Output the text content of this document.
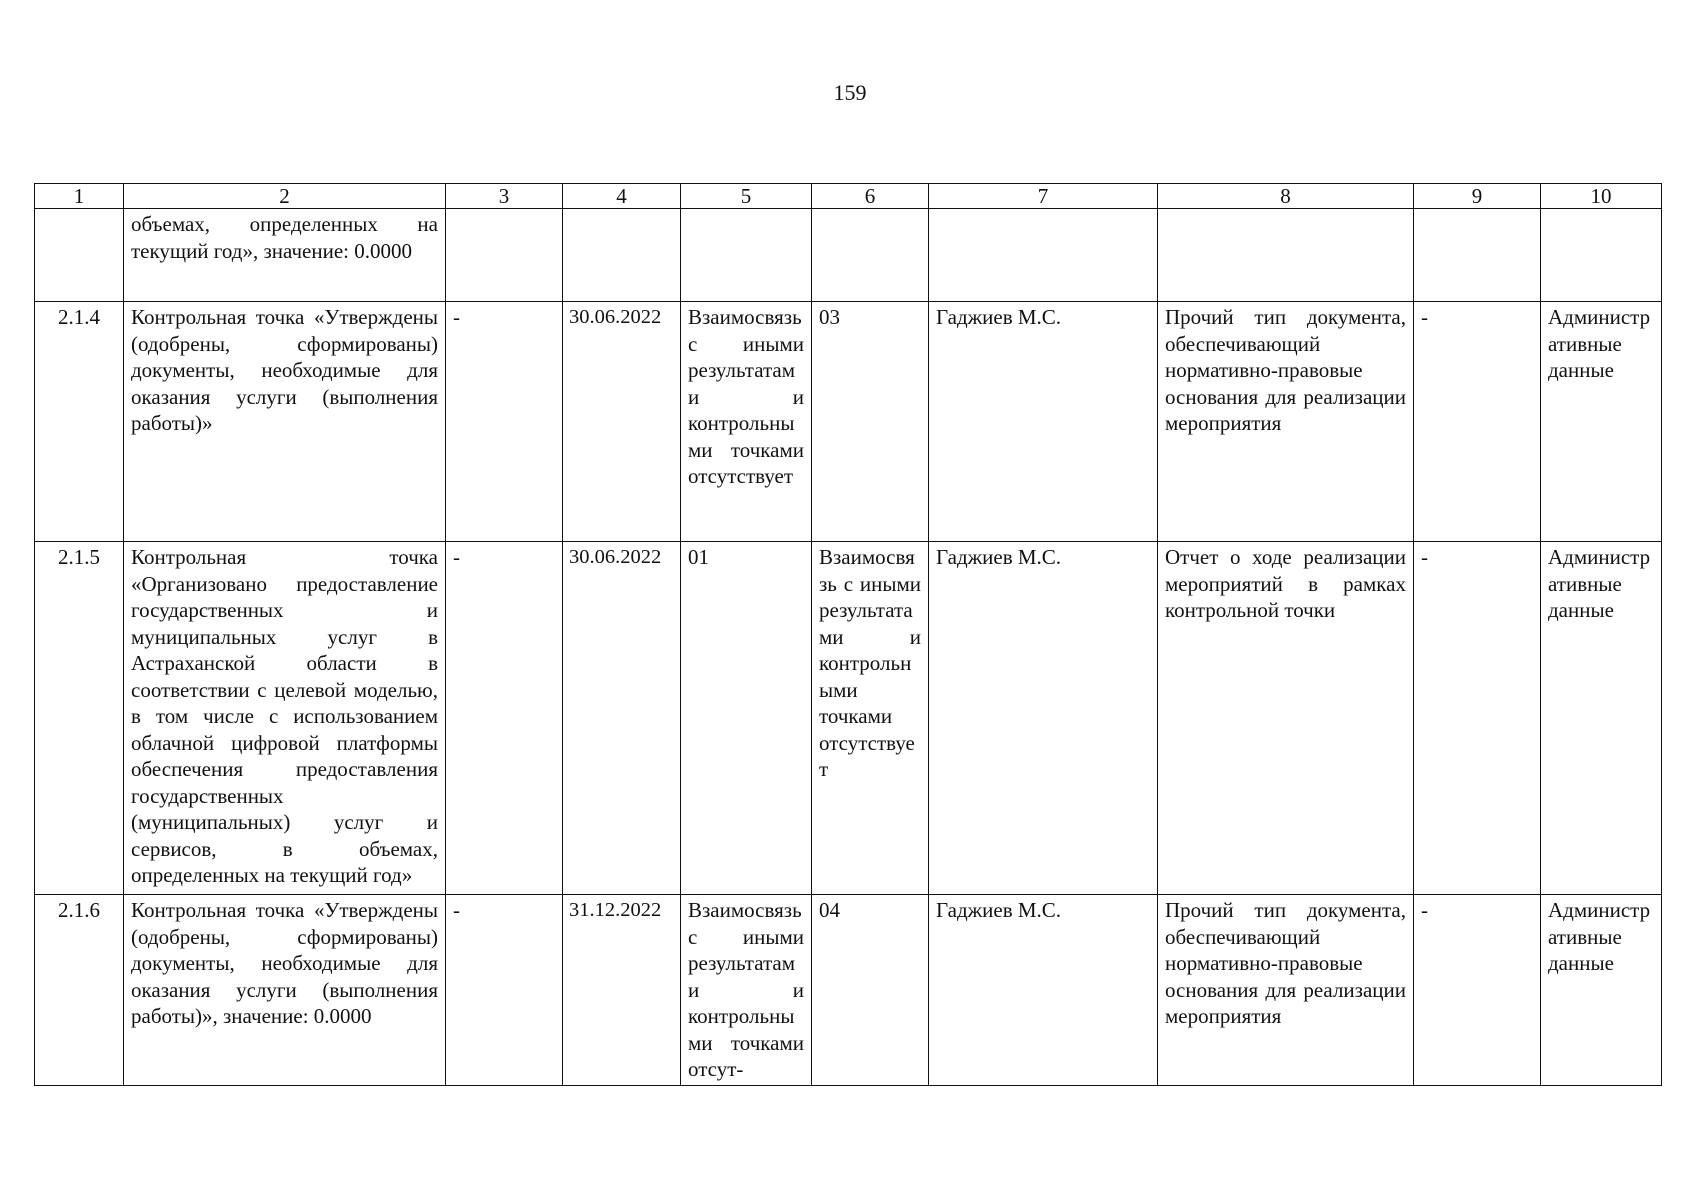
159
1	2	3	4	5	6	7	8	9	10
	объемах, определенных на текущий год», значение: 0.0000								
2.1.4	Контрольная точка «Утверждены (одобрены, сформированы) документы, необходимые для оказания услуги (выполнения работы)»	-	30.06.2022	Взаимосвязь с иными результатами и контрольными точками отсутствует	03	Гаджиев М.С.	Прочий тип документа, обеспечивающий нормативно-правовые основания для реализации мероприятия	-	Административные данные
2.1.5	Контрольная точка «Организовано предоставление государственных и муниципальных услуг в Астраханской области в соответствии с целевой моделью, в том числе с использованием облачной цифровой платформы обеспечения предоставления государственных (муниципальных) услуг и сервисов, в объемах, определенных на текущий год»	-	30.06.2022	01	Взаимосвязь с иными результатами и контрольными точками отсутствует	Гаджиев М.С.	Отчет о ходе реализации мероприятий в рамках контрольной точки	-	Административные данные
2.1.6	Контрольная точка «Утверждены (одобрены, сформированы) документы, необходимые для оказания услуги (выполнения работы)», значение: 0.0000	-	31.12.2022	Взаимосвязь с иными результатами и контрольными точками отсут-	04	Гаджиев М.С.	Прочий тип документа, обеспечивающий нормативно-правовые основания для реализации мероприятия	-	Административные данные
